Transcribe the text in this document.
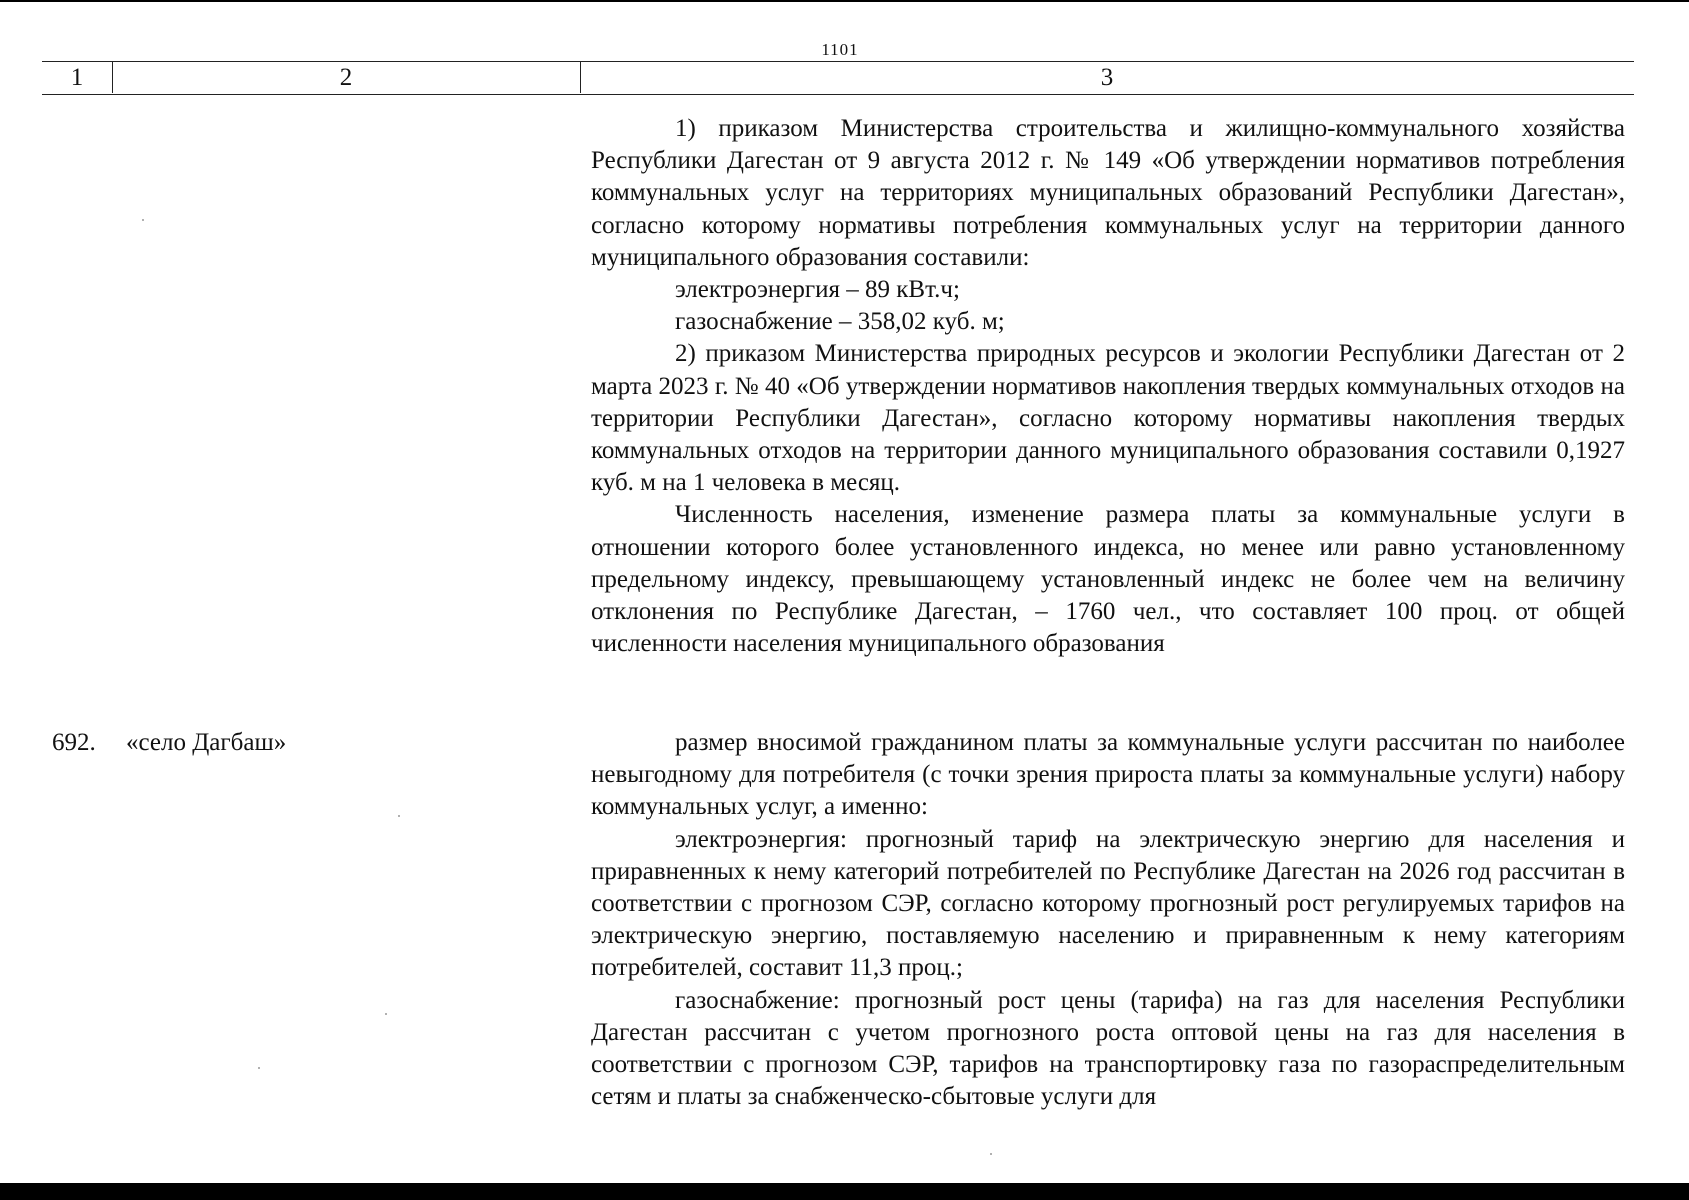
1101
1	2	3

1) приказом Министерства строительства и жилищно-коммунального хозяйства Республики Дагестан от 9 августа 2012 г. № 149 «Об утверждении нормативов потребления коммунальных услуг на территориях муниципальных образований Республики Дагестан», согласно которому нормативы потребления коммунальных услуг на территории данного муниципального образования составили:

электроэнергия – 89 кВт.ч;

газоснабжение – 358,02 куб. м;

2) приказом Министерства природных ресурсов и экологии Республики Дагестан от 2 марта 2023 г. № 40 «Об утверждении нормативов накопления твердых коммунальных отходов на территории Республики Дагестан», согласно которому нормативы накопления твердых коммунальных отходов на территории данного муниципального образования составили 0,1927 куб. м на 1 человека в месяц.

Численность населения, изменение размера платы за коммунальные услуги в отношении которого более установленного индекса, но менее или равно установленному предельному индексу, превышающему установленный индекс не более чем на величину отклонения по Республике Дагестан, – 1760 чел., что составляет 100 проц. от общей численности населения муниципального образования

692. «село Дагбаш»	размер вносимой гражданином платы за коммунальные услуги рассчитан по наиболее невыгодному для потребителя (с точки зрения прироста платы за коммунальные услуги) набору коммунальных услуг, а именно:

электроэнергия: прогнозный тариф на электрическую энергию для населения и приравненных к нему категорий потребителей по Республике Дагестан на 2026 год рассчитан в соответствии с прогнозом СЭР, согласно которому прогнозный рост регулируемых тарифов на электрическую энергию, поставляемую населению и приравненным к нему категориям потребителей, составит 11,3 проц.;

газоснабжение: прогнозный рост цены (тарифа) на газ для населения Республики Дагестан рассчитан с учетом прогнозного роста оптовой цены на газ для населения в соответствии с прогнозом СЭР, тарифов на транспортировку газа по газораспределительным сетям и платы за снабженческо-сбытовые услуги для
